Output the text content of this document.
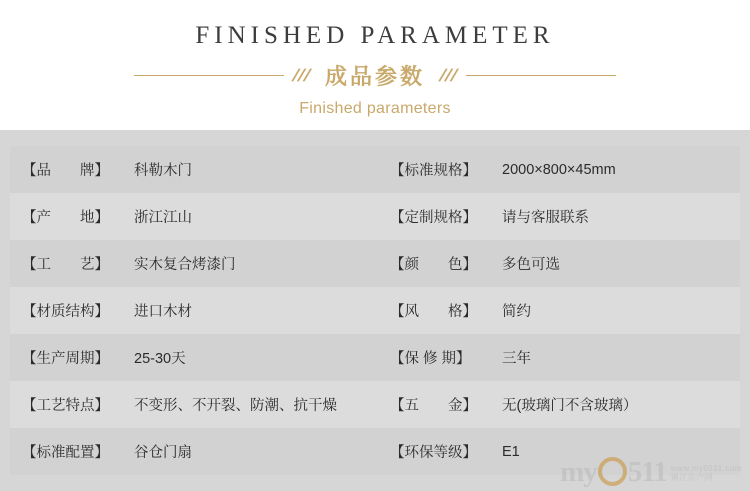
FINISHED PARAMETER
/// 成品参数 ///
Finished parameters
【品　　牌】	科勒木门	【标准规格】	2000×800×45mm
【产　　地】	浙江江山	【定制规格】	请与客服联系
【工　　艺】	实木复合烤漆门	【颜　　色】	多色可选
【材质结构】	进口木材	【风　　格】	简约
【生产周期】	25-30天	【保 修 期】	三年
【工艺特点】	不变形、不开裂、防潮、抗干燥	【五　　金】	无(玻璃门不含玻璃）
【标准配置】	谷仓门扇	【环保等级】	E1
my 511 www.my0511.com
镇江房产网
